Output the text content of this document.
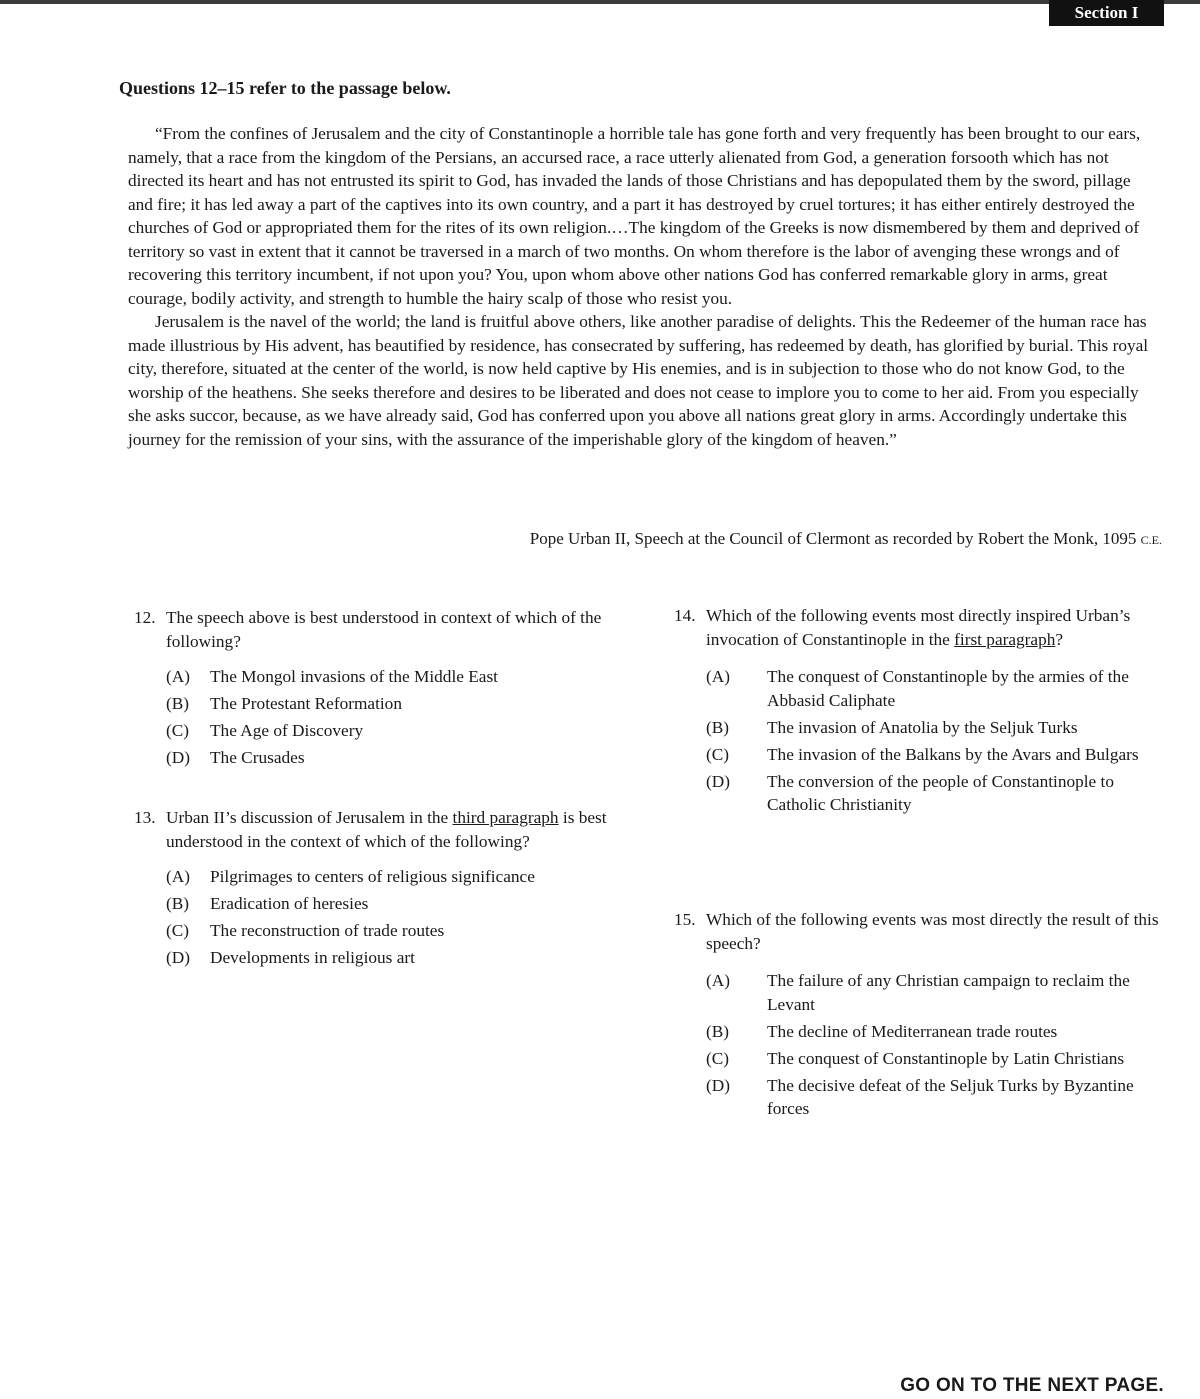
Section I
Questions 12–15 refer to the passage below.

“From the confines of Jerusalem and the city of Constantinople a horrible tale has gone forth and very frequently has been brought to our ears, namely, that a race from the kingdom of the Persians, an accursed race, a race utterly alienated from God, a generation forsooth which has not directed its heart and has not entrusted its spirit to God, has invaded the lands of those Christians and has depopulated them by the sword, pillage and fire; it has led away a part of the captives into its own country, and a part it has destroyed by cruel tortures; it has either entirely destroyed the churches of God or appropriated them for the rites of its own religion.…The kingdom of the Greeks is now dismembered by them and deprived of territory so vast in extent that it cannot be traversed in a march of two months. On whom therefore is the labor of avenging these wrongs and of recovering this territory incumbent, if not upon you? You, upon whom above other nations God has conferred remarkable glory in arms, great courage, bodily activity, and strength to humble the hairy scalp of those who resist you.

Jerusalem is the navel of the world; the land is fruitful above others, like another paradise of delights. This the Redeemer of the human race has made illustrious by His advent, has beautified by residence, has consecrated by suffering, has redeemed by death, has glorified by burial. This royal city, therefore, situated at the center of the world, is now held captive by His enemies, and is in subjection to those who do not know God, to the worship of the heathens. She seeks therefore and desires to be liberated and does not cease to implore you to come to her aid. From you especially she asks succor, because, as we have already said, God has conferred upon you above all nations great glory in arms. Accordingly undertake this journey for the remission of your sins, with the assurance of the imperishable glory of the kingdom of heaven.”

Pope Urban II, Speech at the Council of Clermont as recorded by Robert the Monk, 1095 C.E.
12. The speech above is best understood in context of which of the following?
(A) The Mongol invasions of the Middle East
(B) The Protestant Reformation
(C) The Age of Discovery
(D) The Crusades
13. Urban II’s discussion of Jerusalem in the third paragraph is best understood in the context of which of the following?
(A) Pilgrimages to centers of religious significance
(B) Eradication of heresies
(C) The reconstruction of trade routes
(D) Developments in religious art
14. Which of the following events most directly inspired Urban’s invocation of Constantinople in the first paragraph?
(A) The conquest of Constantinople by the armies of the Abbasid Caliphate
(B) The invasion of Anatolia by the Seljuk Turks
(C) The invasion of the Balkans by the Avars and Bulgars
(D) The conversion of the people of Constantinople to Catholic Christianity
15. Which of the following events was most directly the result of this speech?
(A) The failure of any Christian campaign to reclaim the Levant
(B) The decline of Mediterranean trade routes
(C) The conquest of Constantinople by Latin Christians
(D) The decisive defeat of the Seljuk Turks by Byzantine forces
GO ON TO THE NEXT PAGE.
